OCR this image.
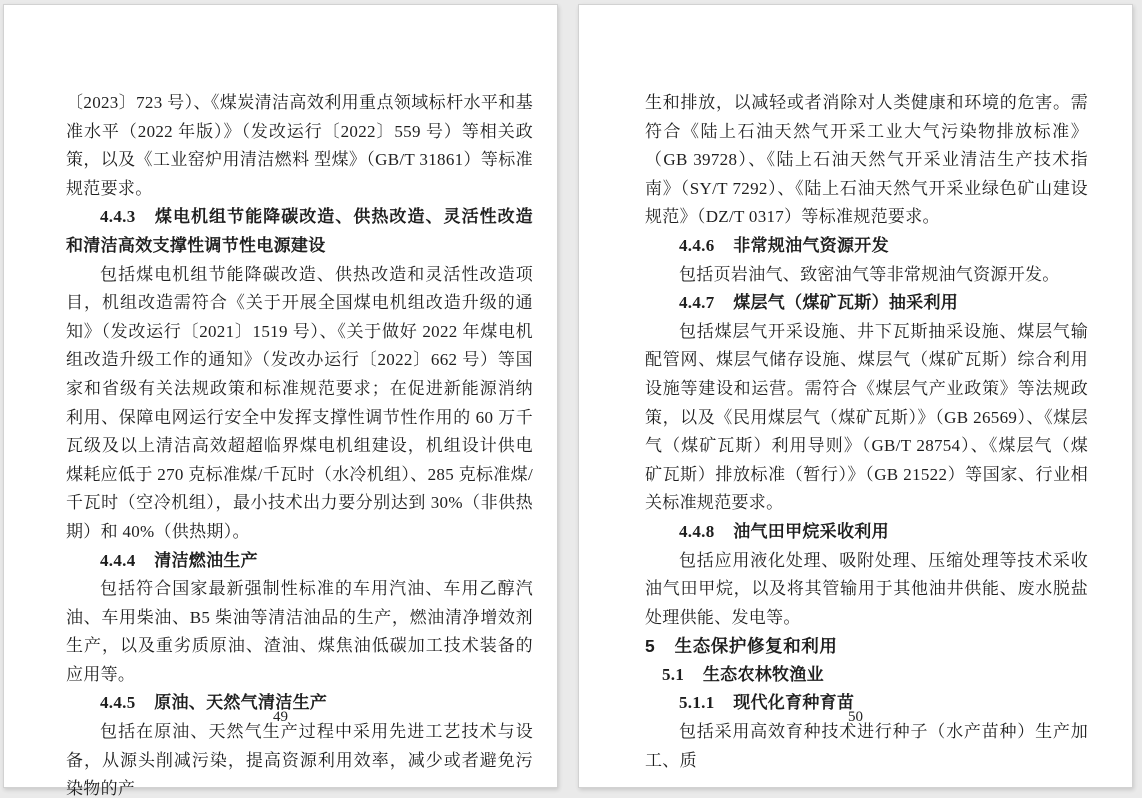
〔2023〕723 号）、《煤炭清洁高效利用重点领域标杆水平和基准水平（2022 年版）》（发改运行〔2022〕559 号）等相关政策，以及《工业窑炉用清洁燃料 型煤》（GB/T 31861）等标准规范要求。

4.4.3 煤电机组节能降碳改造、供热改造、灵活性改造和清洁高效支撑性调节性电源建设

包括煤电机组节能降碳改造、供热改造和灵活性改造项目，机组改造需符合《关于开展全国煤电机组改造升级的通知》（发改运行〔2021〕1519 号）、《关于做好 2022 年煤电机组改造升级工作的通知》（发改办运行〔2022〕662 号）等国家和省级有关法规政策和标准规范要求；在促进新能源消纳利用、保障电网运行安全中发挥支撑性调节性作用的 60 万千瓦级及以上清洁高效超超临界煤电机组建设，机组设计供电煤耗应低于 270 克标准煤/千瓦时（水冷机组）、285 克标准煤/千瓦时（空冷机组），最小技术出力要分别达到 30%（非供热期）和 40%（供热期）。

4.4.4 清洁燃油生产

包括符合国家最新强制性标准的车用汽油、车用乙醇汽油、车用柴油、B5 柴油等清洁油品的生产，燃油清净增效剂生产，以及重劣质原油、渣油、煤焦油低碳加工技术装备的应用等。

4.4.5 原油、天然气清洁生产

包括在原油、天然气生产过程中采用先进工艺技术与设备，从源头削减污染，提高资源利用效率，减少或者避免污染物的产

49

生和排放，以减轻或者消除对人类健康和环境的危害。需符合《陆上石油天然气开采工业大气污染物排放标准》（GB 39728）、《陆上石油天然气开采业清洁生产技术指南》（SY/T 7292）、《陆上石油天然气开采业绿色矿山建设规范》（DZ/T 0317）等标准规范要求。

4.4.6 非常规油气资源开发

包括页岩油气、致密油气等非常规油气资源开发。

4.4.7 煤层气（煤矿瓦斯）抽采利用

包括煤层气开采设施、井下瓦斯抽采设施、煤层气输配管网、煤层气储存设施、煤层气（煤矿瓦斯）综合利用设施等建设和运营。需符合《煤层气产业政策》等法规政策，以及《民用煤层气（煤矿瓦斯）》（GB 26569）、《煤层气（煤矿瓦斯）利用导则》（GB/T 28754）、《煤层气（煤矿瓦斯）排放标准（暂行）》（GB 21522）等国家、行业相关标准规范要求。

4.4.8 油气田甲烷采收利用

包括应用液化处理、吸附处理、压缩处理等技术采收油气田甲烷，以及将其管输用于其他油井供能、废水脱盐处理供能、发电等。

5 生态保护修复和利用

5.1 生态农林牧渔业

5.1.1 现代化育种育苗

包括采用高效育种技术进行种子（水产苗种）生产加工、质

50
